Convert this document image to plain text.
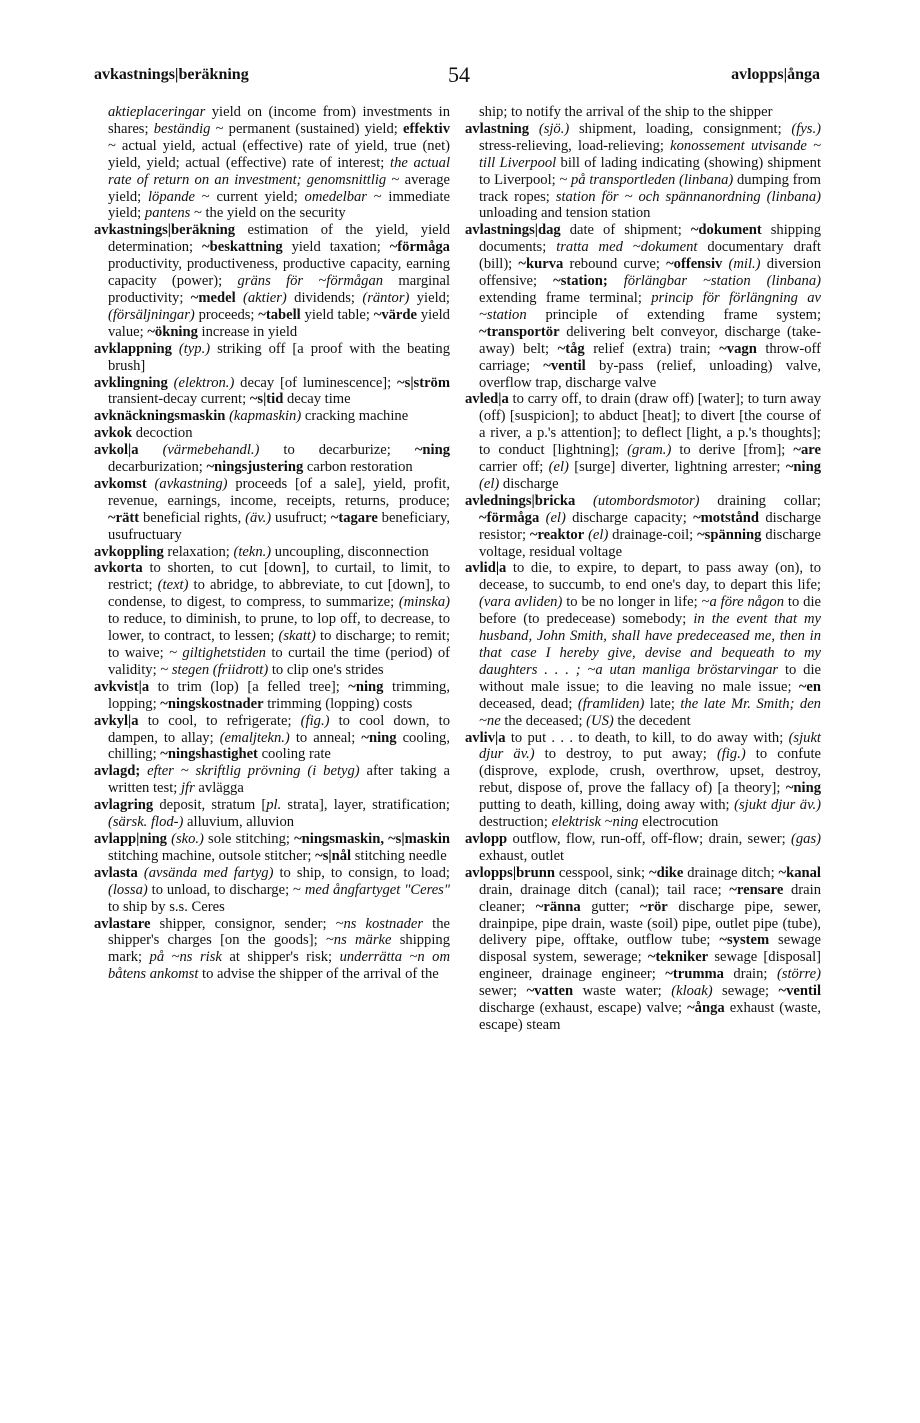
avkastnings|beräkning	54	avlopps|ånga

aktieplaceringar yield on (income from) investments in shares; beständig ~ permanent (sustained) yield; effektiv ~ actual yield, actual (effective) rate of yield, true (net) yield, yield; actual (effective) rate of interest; the actual rate of return on an investment; genomsnittlig ~ average yield; löpande ~ current yield; omedelbar ~ immediate yield; pantens ~ the yield on the security

avkastnings|beräkning estimation of the yield, yield determination; ~beskattning yield taxation; ~förmåga productivity, productiveness, productive capacity, earning capacity (power); gräns för ~förmågan marginal productivity; ~medel (aktier) dividends; (räntor) yield; (försäljningar) proceeds; ~tabell yield table; ~värde yield value; ~ökning increase in yield

avklappning (typ.) striking off [a proof with the beating brush]

avklingning (elektron.) decay [of luminescence]; ~s|ström transient-decay current; ~s|tid decay time

avknäckningsmaskin (kapmaskin) cracking machine

avkok decoction

avkol|a (värmebehandl.) to decarburize; ~ning decarburization; ~ningsjustering carbon restoration

avkomst (avkastning) proceeds [of a sale], yield, profit, revenue, earnings, income, receipts, returns, produce; ~rätt beneficial rights, (äv.) usufruct; ~tagare beneficiary, usufructuary

avkoppling relaxation; (tekn.) uncoupling, disconnection

avkorta to shorten, to cut [down], to curtail, to limit, to restrict; (text) to abridge, to abbreviate, to cut [down], to condense, to digest, to compress, to summarize; (minska) to reduce, to diminish, to prune, to lop off, to decrease, to lower, to contract, to lessen; (skatt) to discharge; to remit; to waive; ~ giltighetstiden to curtail the time (period) of validity; ~ stegen (friidrott) to clip one's strides

avkvist|a to trim (lop) [a felled tree]; ~ning trimming, lopping; ~ningskostnader trimming (lopping) costs

avkyl|a to cool, to refrigerate; (fig.) to cool down, to dampen, to allay; (emaljtekn.) to anneal; ~ning cooling, chilling; ~ningshastighet cooling rate

avlagd; efter ~ skriftlig prövning (i betyg) after taking a written test; jfr avlägga

avlagring deposit, stratum [pl. strata], layer, stratification; (särsk. flod-) alluvium, alluvion

avlapp|ning (sko.) sole stitching; ~ningsmaskin, ~s|maskin stitching machine, outsole stitcher; ~s|nål stitching needle

avlasta (avsända med fartyg) to ship, to consign, to load; (lossa) to unload, to discharge; ~ med ångfartyget "Ceres" to ship by s.s. Ceres

avlastare shipper, consignor, sender; ~ns kostnader the shipper's charges [on the goods]; ~ns märke shipping mark; på ~ns risk at shipper's risk; underrätta ~n om båtens ankomst to advise the shipper of the arrival of the

ship; to notify the arrival of the ship to the shipper

avlastning (sjö.) shipment, loading, consignment; (fys.) stress-relieving, load-relieving; konossement utvisande ~ till Liverpool bill of lading indicating (showing) shipment to Liverpool; ~ på transportleden (linbana) dumping from track ropes; station för ~ och spännanordning (linbana) unloading and tension station

avlastnings|dag date of shipment; ~dokument shipping documents; tratta med ~dokument documentary draft (bill); ~kurva rebound curve; ~offensiv (mil.) diversion offensive; ~station; förlängbar ~station (linbana) extending frame terminal; princip för förlängning av ~station principle of extending frame system; ~transportör delivering belt conveyor, discharge (take-away) belt; ~tåg relief (extra) train; ~vagn throw-off carriage; ~ventil by-pass (relief, unloading) valve, overflow trap, discharge valve

avled|a to carry off, to drain (draw off) [water]; to turn away (off) [suspicion]; to abduct [heat]; to divert [the course of a river, a p.'s attention]; to deflect [light, a p.'s thoughts]; to conduct [lightning]; (gram.) to derive [from]; ~are carrier off; (el) [surge] diverter, lightning arrester; ~ning (el) discharge

avlednings|bricka (utombordsmotor) draining collar; ~förmåga (el) discharge capacity; ~motstånd discharge resistor; ~reaktor (el) drainage-coil; ~spänning discharge voltage, residual voltage

avlid|a to die, to expire, to depart, to pass away (on), to decease, to succumb, to end one's day, to depart this life; (vara avliden) to be no longer in life; ~a före någon to die before (to predecease) somebody; in the event that my husband, John Smith, shall have predeceased me, then in that case I hereby give, devise and bequeath to my daughters . . . ; ~a utan manliga bröstarvingar to die without male issue; to die leaving no male issue; ~en deceased, dead; (framliden) late; the late Mr. Smith; den ~ne the deceased; (US) the decedent

avliv|a to put . . . to death, to kill, to do away with; (sjukt djur äv.) to destroy, to put away; (fig.) to confute (disprove, explode, crush, overthrow, upset, destroy, rebut, dispose of, prove the fallacy of) [a theory]; ~ning putting to death, killing, doing away with; (sjukt djur äv.) destruction; elektrisk ~ning electrocution

avlopp outflow, flow, run-off, off-flow; drain, sewer; (gas) exhaust, outlet

avlopps|brunn cesspool, sink; ~dike drainage ditch; ~kanal drain, drainage ditch (canal); tail race; ~rensare drain cleaner; ~ränna gutter; ~rör discharge pipe, sewer, drainpipe, pipe drain, waste (soil) pipe, outlet pipe (tube), delivery pipe, offtake, outflow tube; ~system sewage disposal system, sewerage; ~tekniker sewage [disposal] engineer, drainage engineer; ~trumma drain; (större) sewer; ~vatten waste water; (kloak) sewage; ~ventil discharge (exhaust, escape) valve; ~ånga exhaust (waste, escape) steam
